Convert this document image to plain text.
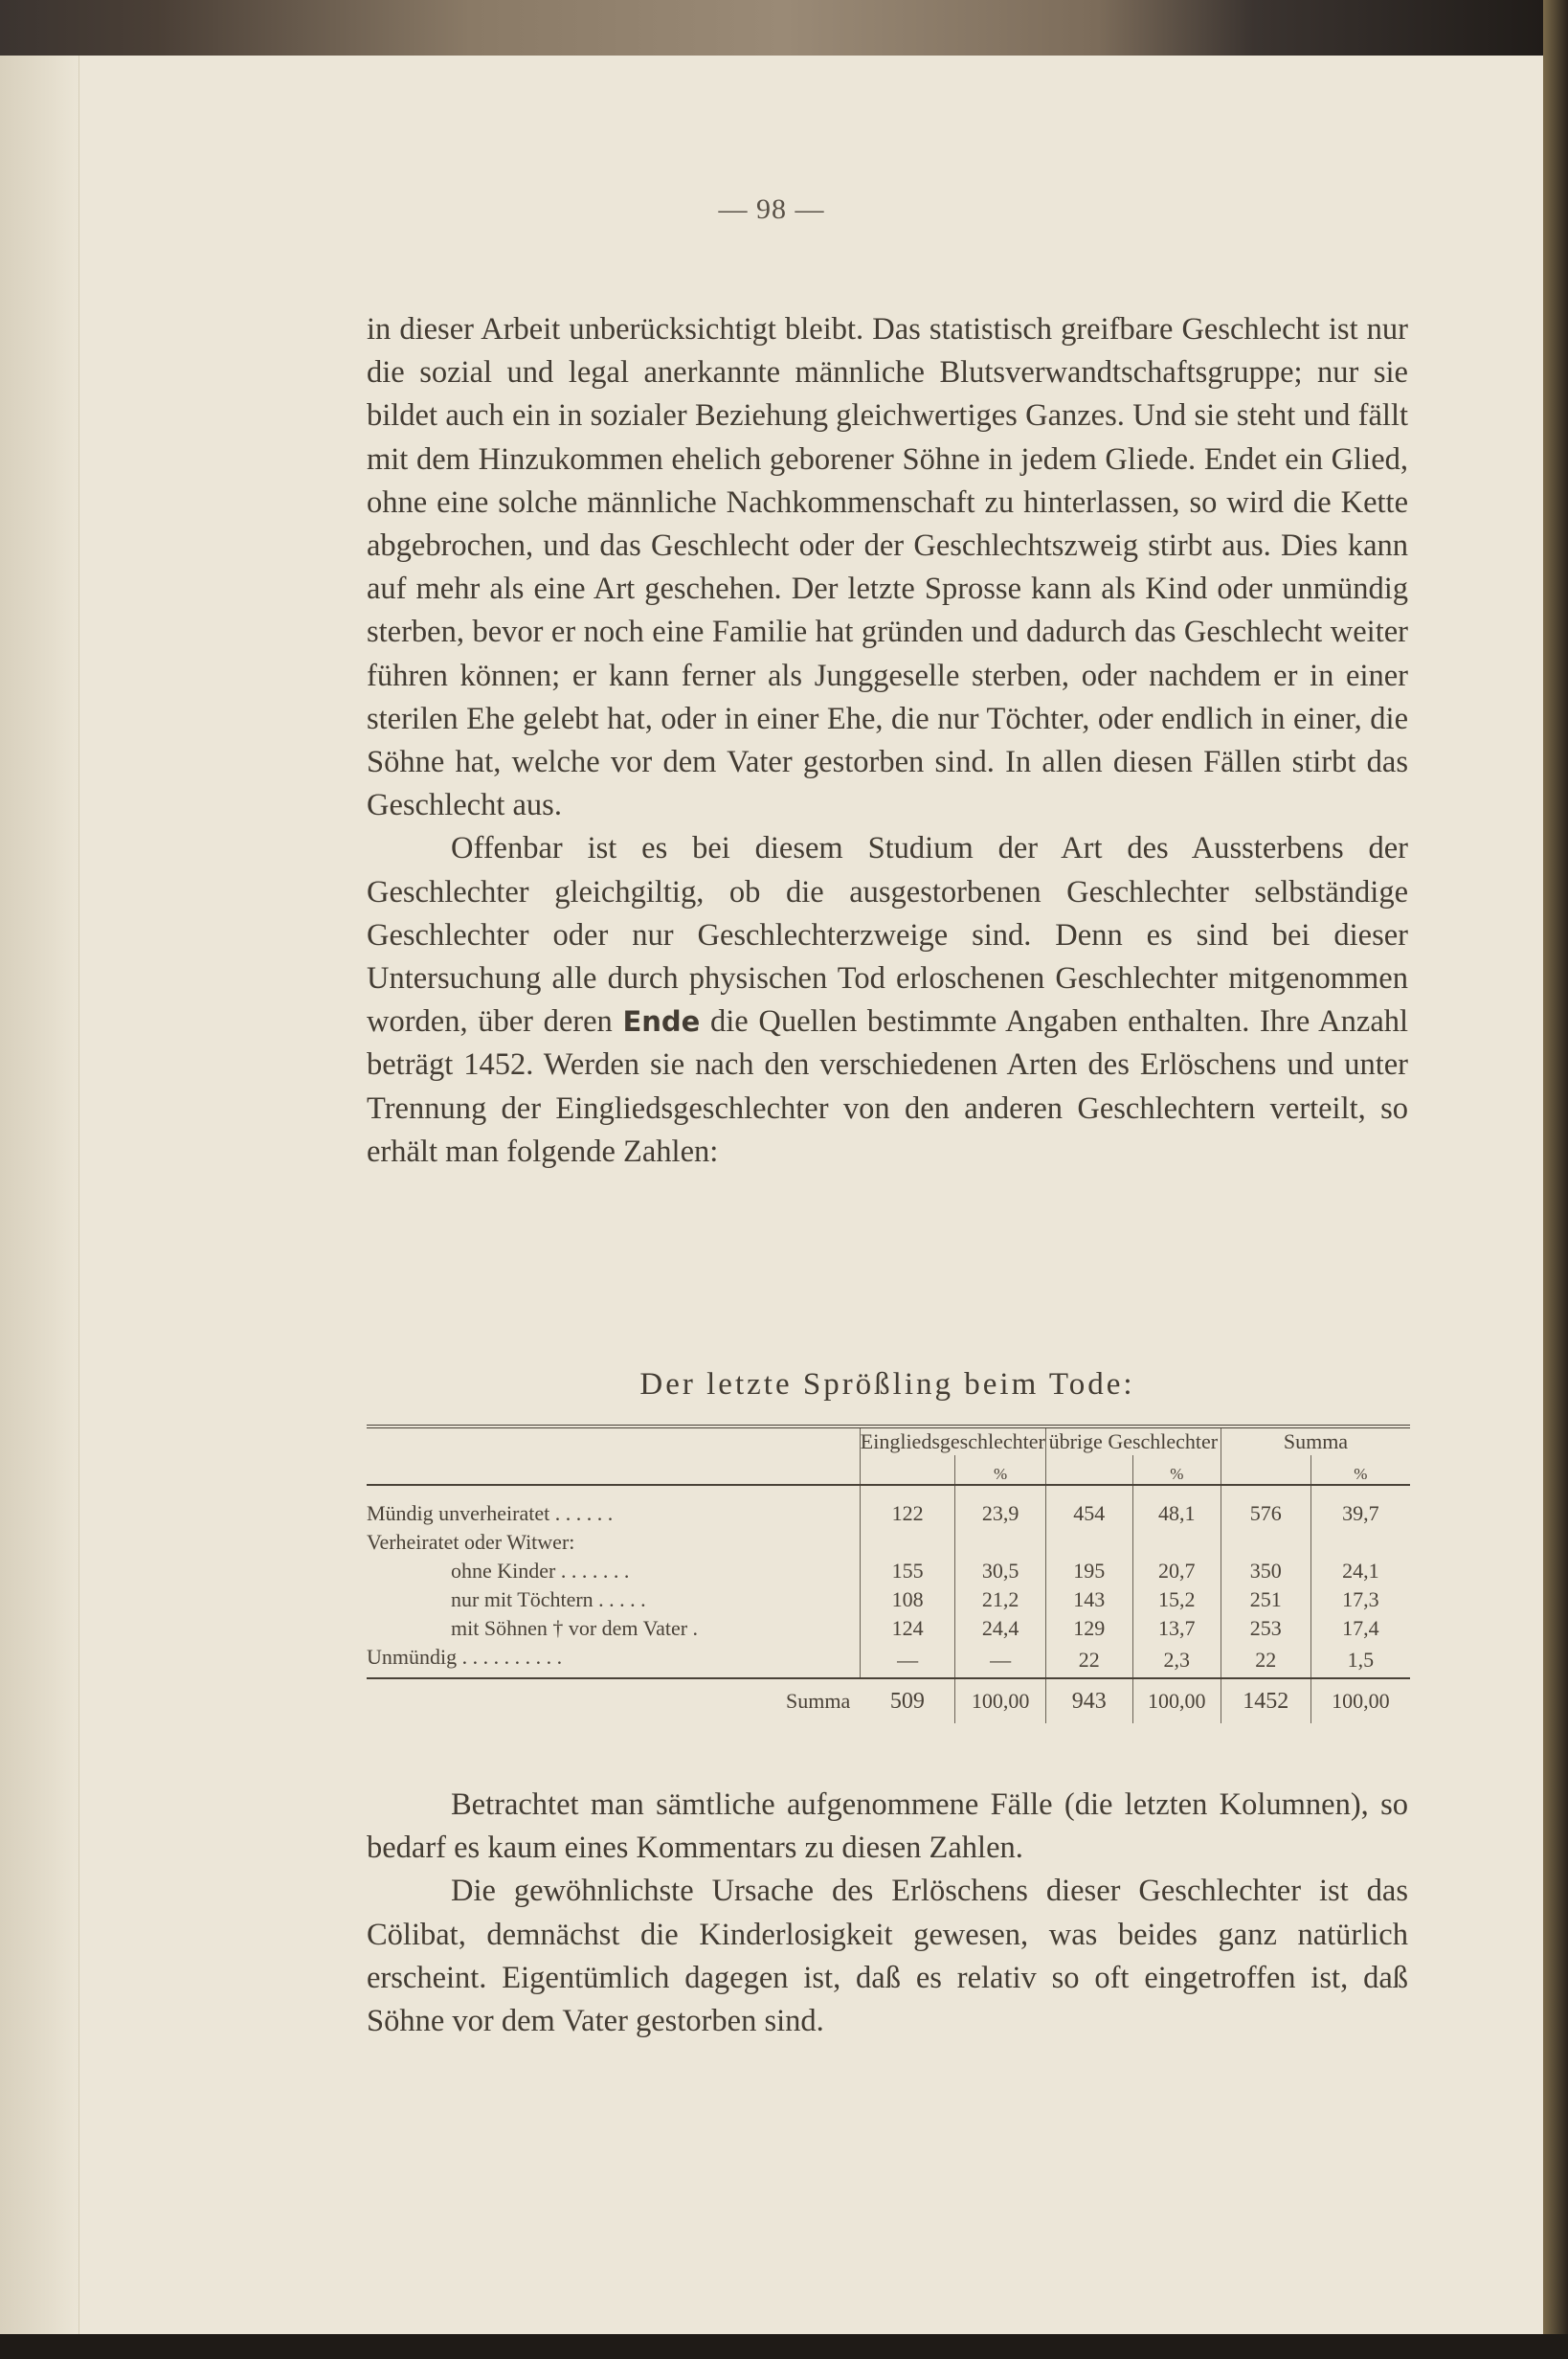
— 98 —

in dieser Arbeit unberücksichtigt bleibt. Das statistisch greifbare Geschlecht ist nur die sozial und legal anerkannte männliche Blutsverwandtschaftsgruppe; nur sie bildet auch ein in sozialer Beziehung gleichwertiges Ganzes. Und sie steht und fällt mit dem Hinzukommen ehelich geborener Söhne in jedem Gliede. Endet ein Glied, ohne eine solche männliche Nachkommenschaft zu hinterlassen, so wird die Kette abgebrochen, und das Geschlecht oder der Geschlechtszweig stirbt aus. Dies kann auf mehr als eine Art geschehen. Der letzte Sprosse kann als Kind oder unmündig sterben, bevor er noch eine Familie hat gründen und dadurch das Geschlecht weiter führen können; er kann ferner als Junggeselle sterben, oder nachdem er in einer sterilen Ehe gelebt hat, oder in einer Ehe, die nur Töchter, oder endlich in einer, die Söhne hat, welche vor dem Vater gestorben sind. In allen diesen Fällen stirbt das Geschlecht aus.

Offenbar ist es bei diesem Studium der Art des Aussterbens der Geschlechter gleichgiltig, ob die ausgestorbenen Geschlechter selbständige Geschlechter oder nur Geschlechterzweige sind. Denn es sind bei dieser Untersuchung alle durch physischen Tod erloschenen Geschlechter mitgenommen worden, über deren Ende die Quellen bestimmte Angaben enthalten. Ihre Anzahl beträgt 1452. Werden sie nach den verschiedenen Arten des Erlöschens und unter Trennung der Eingliedsgeschlechter von den anderen Geschlechtern verteilt, so erhält man folgende Zahlen:

Der letzte Sprößling beim Tode:
	Eingliedsgeschlechter		übrige Geschlechter		Summa	
		%		%		%
Mündig unverheiratet . . . . . .	122	23,9	454	48,1	576	39,7
Verheiratet oder Witwer:						
ohne Kinder . . . . . . .	155	30,5	195	20,7	350	24,1
nur mit Töchtern . . . . .	108	21,2	143	15,2	251	17,3
mit Söhnen † vor dem Vater .	124	24,4	129	13,7	253	17,4
Unmündig . . . . . . . . . .	—	—	22	2,3	22	1,5
Summa	509	100,00	943	100,00	1452	100,00

Betrachtet man sämtliche aufgenommene Fälle (die letzten Kolumnen), so bedarf es kaum eines Kommentars zu diesen Zahlen.

Die gewöhnlichste Ursache des Erlöschens dieser Geschlechter ist das Cölibat, demnächst die Kinderlosigkeit gewesen, was beides ganz natürlich erscheint. Eigentümlich dagegen ist, daß es relativ so oft eingetroffen ist, daß Söhne vor dem Vater gestorben sind.
